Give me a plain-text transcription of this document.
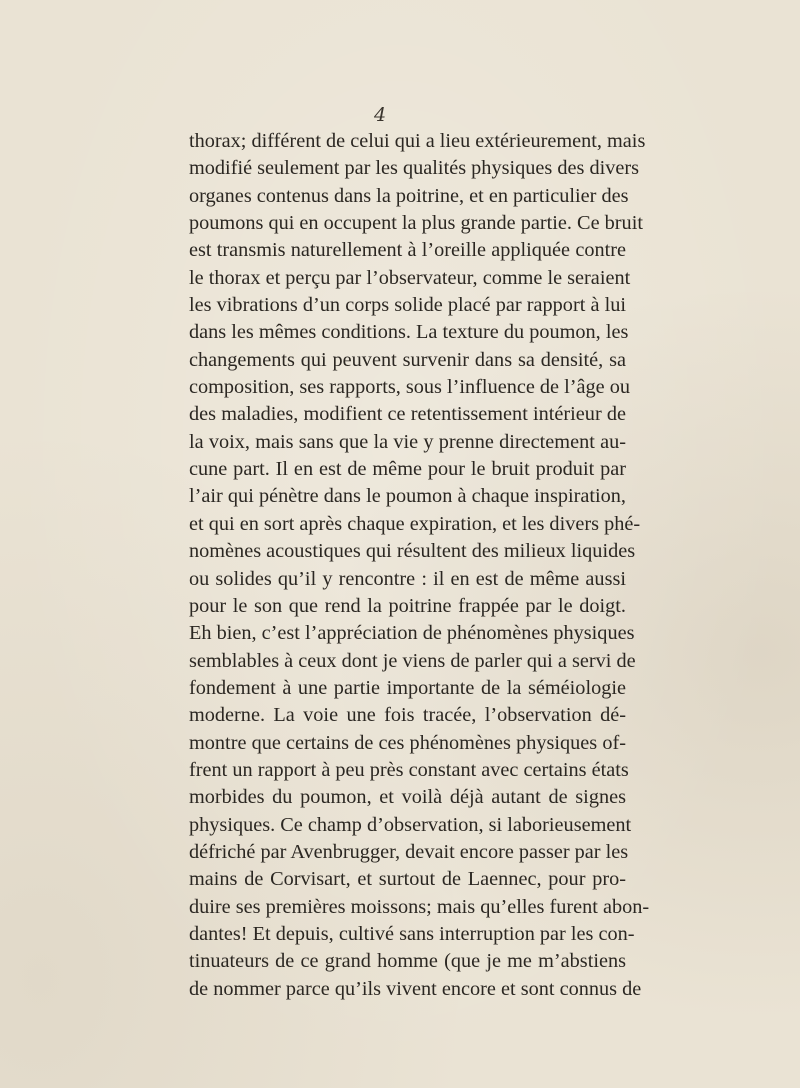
4
thorax; différent de celui qui a lieu extérieurement, mais
modifié seulement par les qualités physiques des divers
organes contenus dans la poitrine, et en particulier des
poumons qui en occupent la plus grande partie. Ce bruit
est transmis naturellement à l’oreille appliquée contre
le thorax et perçu par l’observateur, comme le seraient
les vibrations d’un corps solide placé par rapport à lui
dans les mêmes conditions. La texture du poumon, les
changements qui peuvent survenir dans sa densité, sa
composition, ses rapports, sous l’influence de l’âge ou
des maladies, modifient ce retentissement intérieur de
la voix, mais sans que la vie y prenne directement au-
cune part. Il en est de même pour le bruit produit par
l’air qui pénètre dans le poumon à chaque inspiration,
et qui en sort après chaque expiration, et les divers phé-
nomènes acoustiques qui résultent des milieux liquides
ou solides qu’il y rencontre : il en est de même aussi
pour le son que rend la poitrine frappée par le doigt.
Eh bien, c’est l’appréciation de phénomènes physiques
semblables à ceux dont je viens de parler qui a servi de
fondement à une partie importante de la séméiologie
moderne. La voie une fois tracée, l’observation dé-
montre que certains de ces phénomènes physiques of-
frent un rapport à peu près constant avec certains états
morbides du poumon, et voilà déjà autant de signes
physiques. Ce champ d’observation, si laborieusement
défriché par Avenbrugger, devait encore passer par les
mains de Corvisart, et surtout de Laennec, pour pro-
duire ses premières moissons; mais qu’elles furent abon-
dantes! Et depuis, cultivé sans interruption par les con-
tinuateurs de ce grand homme (que je me m’abstiens
de nommer parce qu’ils vivent encore et sont connus de
